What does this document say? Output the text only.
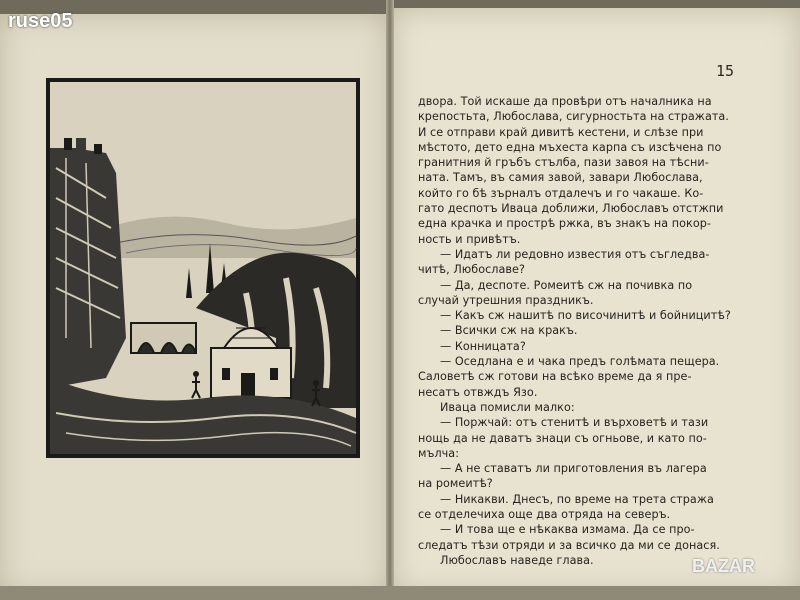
ruse05
15
двора. Той искаше да провѣри отъ началника на
крепостьта, Любослава, сигурностьта на стражата.
И се отправи край дивитѣ кестени, и слѣзе при
мѣстото, дето една мъхеста карпа съ изсѣчена по
гранитния й гръбъ стълба, пази завоя на тѣсни-
ната. Тамъ, въ самия завой, завари Любослава,
който го бѣ зърналъ отдалечъ и го чакаше. Ко-
гато деспотъ Иваца доближи, Любославъ отстжпи
една крачка и прострѣ ржка, въ знакъ на покор-
ность и привѣтъ.
— Идатъ ли редовно известия отъ съгледва-
читѣ, Любославе?
— Да, деспоте. Ромеитѣ сж на почивка по
случай утрешния праздникъ.
— Какъ сж нашитѣ по височинитѣ и бойницитѣ?
— Всички сж на кракъ.
— Конницата?
— Оседлана е и чака предъ голѣмата пещера.
Саловетѣ сж готови на всѣко време да я пре-
несатъ отвждъ Язо.
Иваца помисли малко:
— Поржчай: отъ стенитѣ и върховетѣ и тази
нощь да не даватъ знаци съ огньове, и като по-
мълча:
— А не ставатъ ли приготовления въ лагера
на ромеитѣ?
— Никакви. Днесъ, по време на трета стража
се отделечиха още два отряда на северъ.
— И това ще е нѣкаква измама. Да се про-
следатъ тѣзи отряди и за всичко да ми се донася.
Любославъ наведе глава.	BAZAR
